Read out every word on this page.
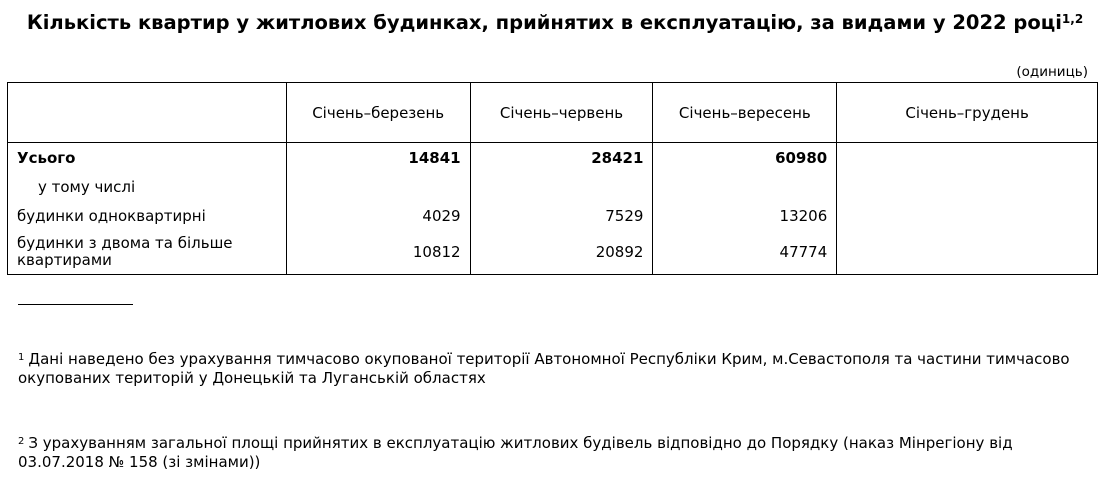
Кількість квартир у житлових будинках, прийнятих в експлуатацію, за видами у 2022 році$^{1,2}$
(одиниць)
	Січень–березень	Січень–червень	Січень–вересень	Січень–грудень
Усього	14841	28421	60980	
у тому числі				
будинки одноквартирні	4029	7529	13206	

будинки з двома та більше квартирами	10812	20892	47774	
$^1$ Дані наведено без урахування тимчасово окупованої території Автономної Республіки Крим, м.Севастополя та частини тимчасово окупованих територій у Донецькій та Луганській областях
$^2$ З урахуванням загальної площі прийнятих в експлуатацію житлових будівель відповідно до Порядку (наказ Мінрегіону від 03.07.2018 № 158 (зі змінами))
